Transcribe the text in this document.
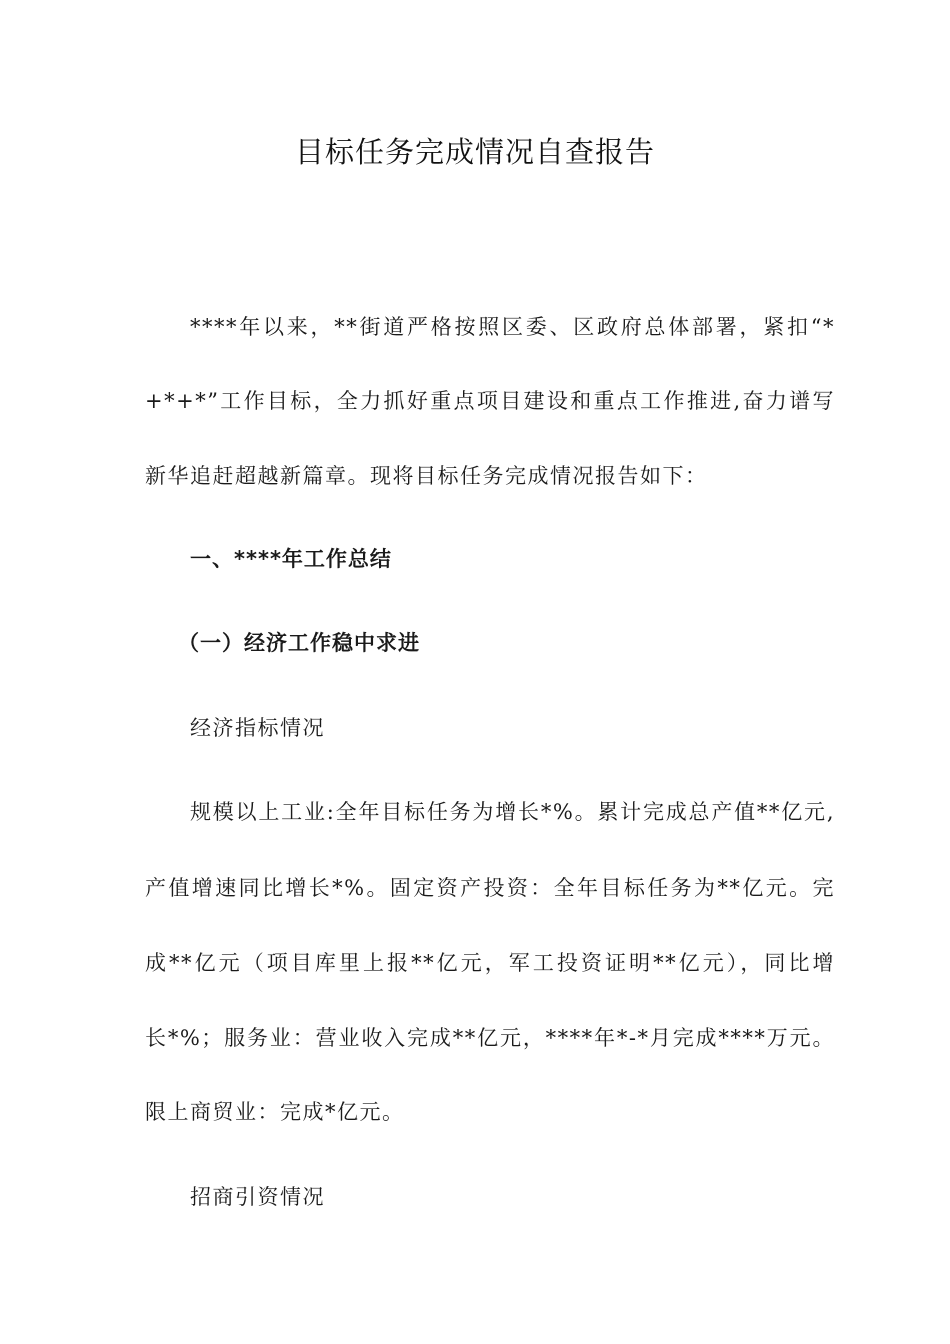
目标任务完成情况自查报告
****年以来，**街道严格按照区委、区政府总体部署，紧扣“*
+*+*”工作目标，全力抓好重点项目建设和重点工作推进,奋力谱写
新华追赶超越新篇章。现将目标任务完成情况报告如下：
一、****年工作总结
（一）经济工作稳中求进
经济指标情况
规模以上工业:全年目标任务为增长*%。累计完成总产值**亿元,
产值增速同比增长*%。固定资产投资：全年目标任务为**亿元。完
成**亿元（项目库里上报**亿元，军工投资证明**亿元），同比增
长*%；服务业：营业收入完成**亿元，****年*-*月完成****万元。
限上商贸业：完成*亿元。
招商引资情况
